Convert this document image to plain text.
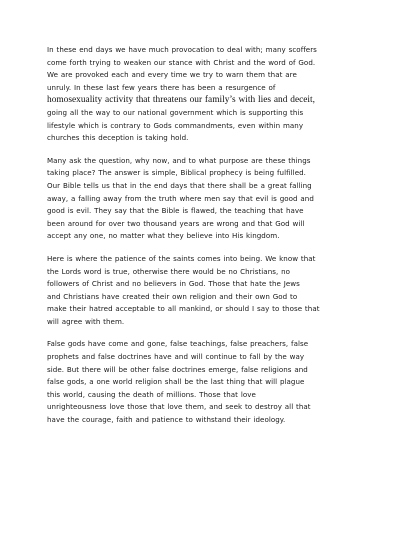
In these end days we have much provocation to deal with; many scoffers
come forth trying to weaken our stance with Christ and the word of God.
We are provoked each and every time we try to warn them that are
unruly. In these last few years there has been a resurgence of
homosexuality activity that threatens our family’s with lies and deceit,
going all the way to our national government which is supporting this
lifestyle which is contrary to Gods commandments, even within many
churches this deception is taking hold.

Many ask the question, why now, and to what purpose are these things
taking place? The answer is simple, Biblical prophecy is being fulfilled.
Our Bible tells us that in the end days that there shall be a great falling
away, a falling away from the truth where men say that evil is good and
good is evil. They say that the Bible is flawed, the teaching that have
been around for over two thousand years are wrong and that God will
accept any one, no matter what they believe into His kingdom.

Here is where the patience of the saints comes into being. We know that
the Lords word is true, otherwise there would be no Christians, no
followers of Christ and no believers in God. Those that hate the Jews
and Christians have created their own religion and their own God to
make their hatred acceptable to all mankind, or should I say to those that
will agree with them.

False gods have come and gone, false teachings, false preachers, false
prophets and false doctrines have and will continue to fall by the way
side. But there will be other false doctrines emerge, false religions and
false gods, a one world religion shall be the last thing that will plague
this world, causing the death of millions. Those that love
unrighteousness love those that love them, and seek to destroy all that
have the courage, faith and patience to withstand their ideology.
